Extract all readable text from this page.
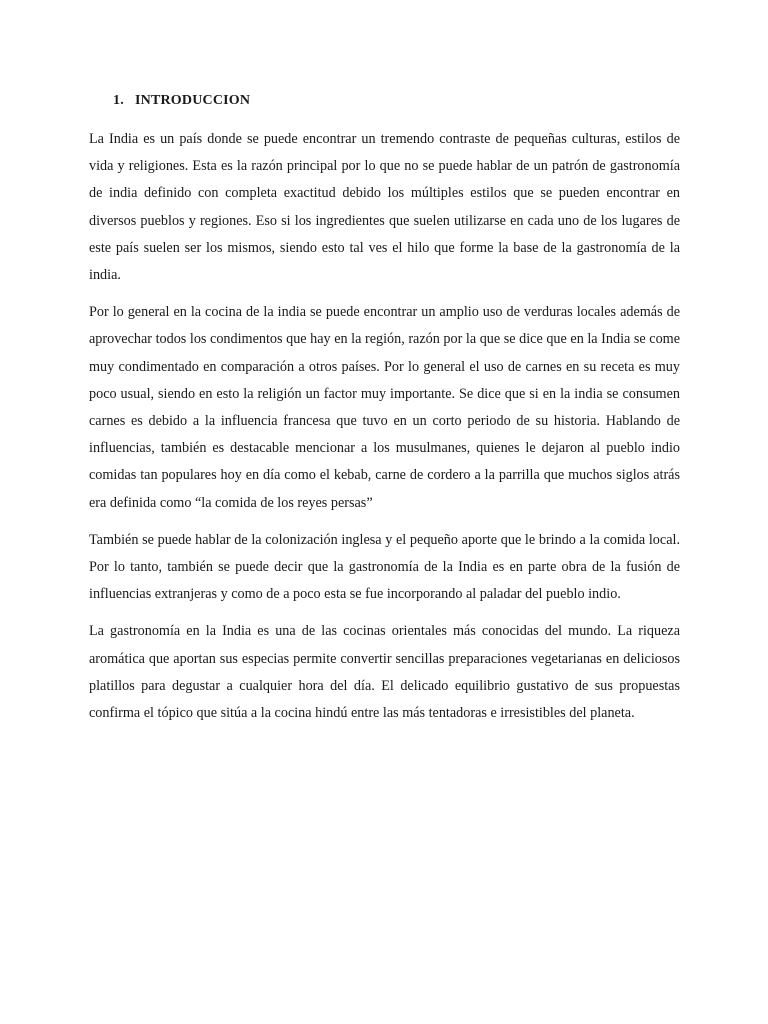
1. INTRODUCCION

La India es un país donde se puede encontrar un tremendo contraste de pequeñas culturas, estilos de vida y religiones. Esta es la razón principal por lo que no se puede hablar de un patrón de gastronomía de india definido con completa exactitud debido los múltiples estilos que se pueden encontrar en diversos pueblos y regiones. Eso si los ingredientes que suelen utilizarse en cada uno de los lugares de este país suelen ser los mismos, siendo esto tal ves el hilo que forme la base de la gastronomía de la india.

Por lo general en la cocina de la india se puede encontrar un amplio uso de verduras locales además de aprovechar todos los condimentos que hay en la región, razón por la que se dice que en la India se come muy condimentado en comparación a otros países. Por lo general el uso de carnes en su receta es muy poco usual, siendo en esto la religión un factor muy importante. Se dice que si en la india se consumen carnes es debido a la influencia francesa que tuvo en un corto periodo de su historia. Hablando de influencias, también es destacable mencionar a los musulmanes, quienes le dejaron al pueblo indio comidas tan populares hoy en día como el kebab, carne de cordero a la parrilla que muchos siglos atrás era definida como “la comida de los reyes persas”

También se puede hablar de la colonización inglesa y el pequeño aporte que le brindo a la comida local. Por lo tanto, también se puede decir que la gastronomía de la India es en parte obra de la fusión de influencias extranjeras y como de a poco esta se fue incorporando al paladar del pueblo indio.

La gastronomía en la India es una de las cocinas orientales más conocidas del mundo. La riqueza aromática que aportan sus especias permite convertir sencillas preparaciones vegetarianas en deliciosos platillos para degustar a cualquier hora del día. El delicado equilibrio gustativo de sus propuestas confirma el tópico que sitúa a la cocina hindú entre las más tentadoras e irresistibles del planeta.
